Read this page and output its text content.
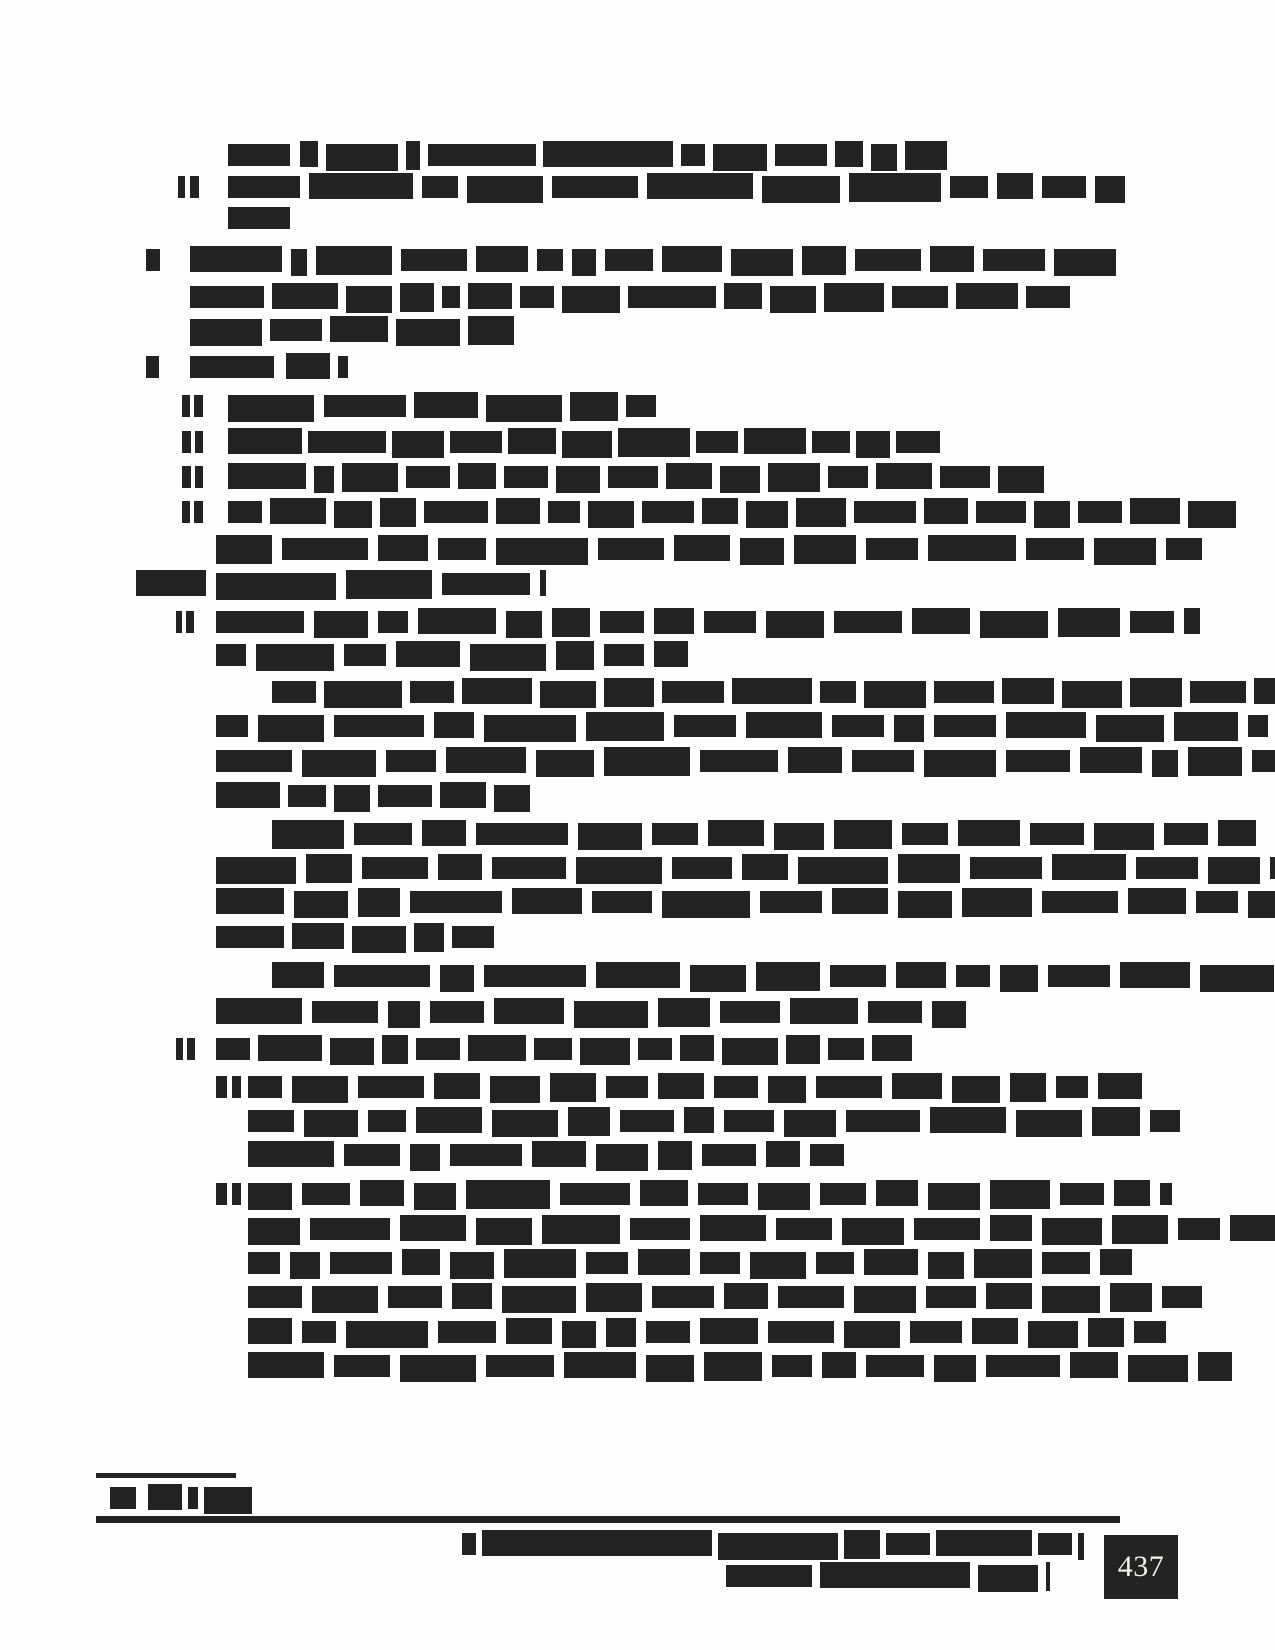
437
